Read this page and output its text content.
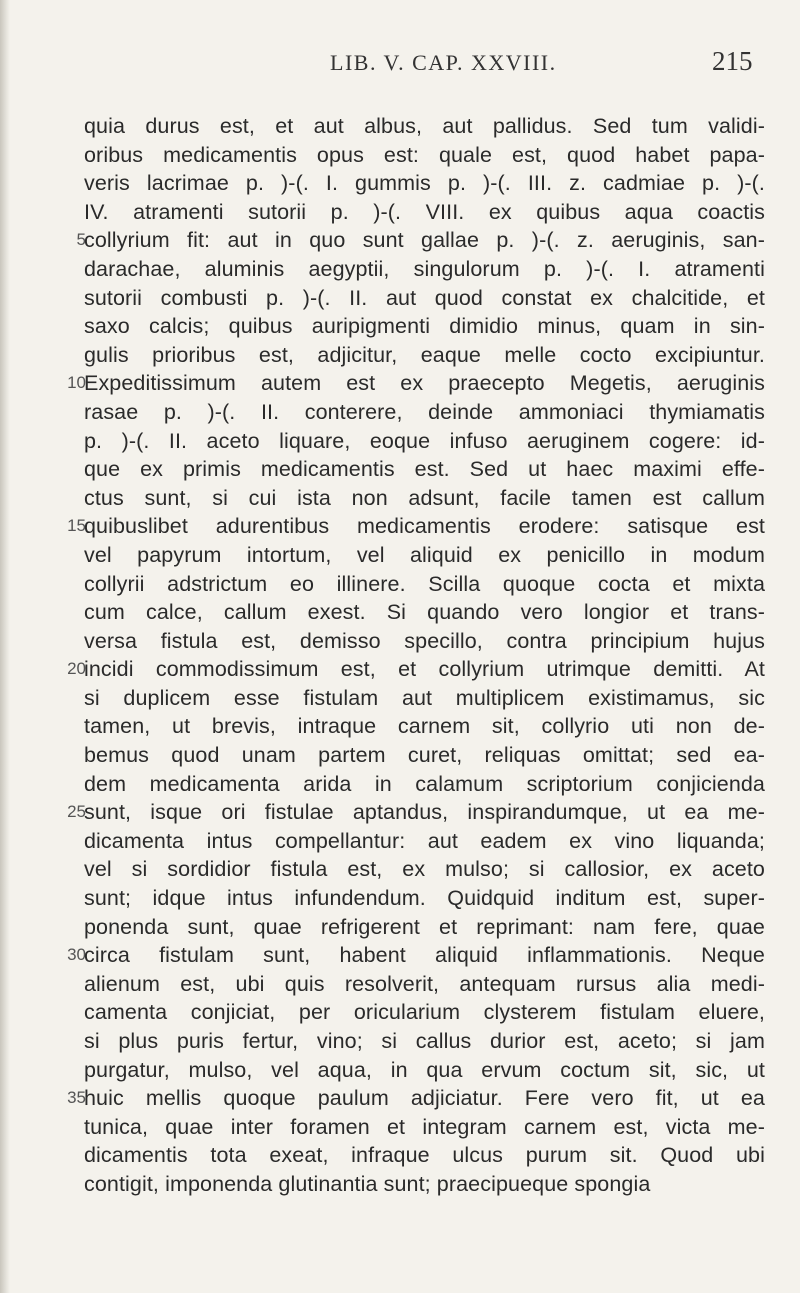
LIB. V. CAP. XXVIII.	215
quia durus est, et aut albus, aut pallidus. Sed tum validi-
oribus medicamentis opus est: quale est, quod habet papa-
veris lacrimae p. )-(. I. gummis p. )-(. III. z. cadmiae p. )-(.
IV. atramenti sutorii p. )-(. VIII. ex quibus aqua coactis
5
collyrium fit: aut in quo sunt gallae p. )-(. z. aeruginis, san-
darachae, aluminis aegyptii, singulorum p. )-(. I. atramenti
sutorii combusti p. )-(. II. aut quod constat ex chalcitide, et
saxo calcis; quibus auripigmenti dimidio minus, quam in sin-
gulis prioribus est, adjicitur, eaque melle cocto excipiuntur.
10
Expeditissimum autem est ex praecepto Megetis, aeruginis
rasae p. )-(. II. conterere, deinde ammoniaci thymiamatis
p. )-(. II. aceto liquare, eoque infuso aeruginem cogere: id-
que ex primis medicamentis est. Sed ut haec maximi effe-
ctus sunt, si cui ista non adsunt, facile tamen est callum
15
quibuslibet adurentibus medicamentis erodere: satisque est
vel papyrum intortum, vel aliquid ex penicillo in modum
collyrii adstrictum eo illinere. Scilla quoque cocta et mixta
cum calce, callum exest. Si quando vero longior et trans-
versa fistula est, demisso specillo, contra principium hujus
20
incidi commodissimum est, et collyrium utrimque demitti. At
si duplicem esse fistulam aut multiplicem existimamus, sic
tamen, ut brevis, intraque carnem sit, collyrio uti non de-
bemus quod unam partem curet, reliquas omittat; sed ea-
dem medicamenta arida in calamum scriptorium conjicienda
25
sunt, isque ori fistulae aptandus, inspirandumque, ut ea me-
dicamenta intus compellantur: aut eadem ex vino liquanda;
vel si sordidior fistula est, ex mulso; si callosior, ex aceto
sunt; idque intus infundendum. Quidquid inditum est, super-
ponenda sunt, quae refrigerent et reprimant: nam fere, quae
30
circa fistulam sunt, habent aliquid inflammationis. Neque
alienum est, ubi quis resolverit, antequam rursus alia medi-
camenta conjiciat, per oricularium clysterem fistulam eluere,
si plus puris fertur, vino; si callus durior est, aceto; si jam
purgatur, mulso, vel aqua, in qua ervum coctum sit, sic, ut
35
huic mellis quoque paulum adjiciatur. Fere vero fit, ut ea
tunica, quae inter foramen et integram carnem est, victa me-
dicamentis tota exeat, infraque ulcus purum sit. Quod ubi
contigit, imponenda glutinantia sunt; praecipueque spongia
